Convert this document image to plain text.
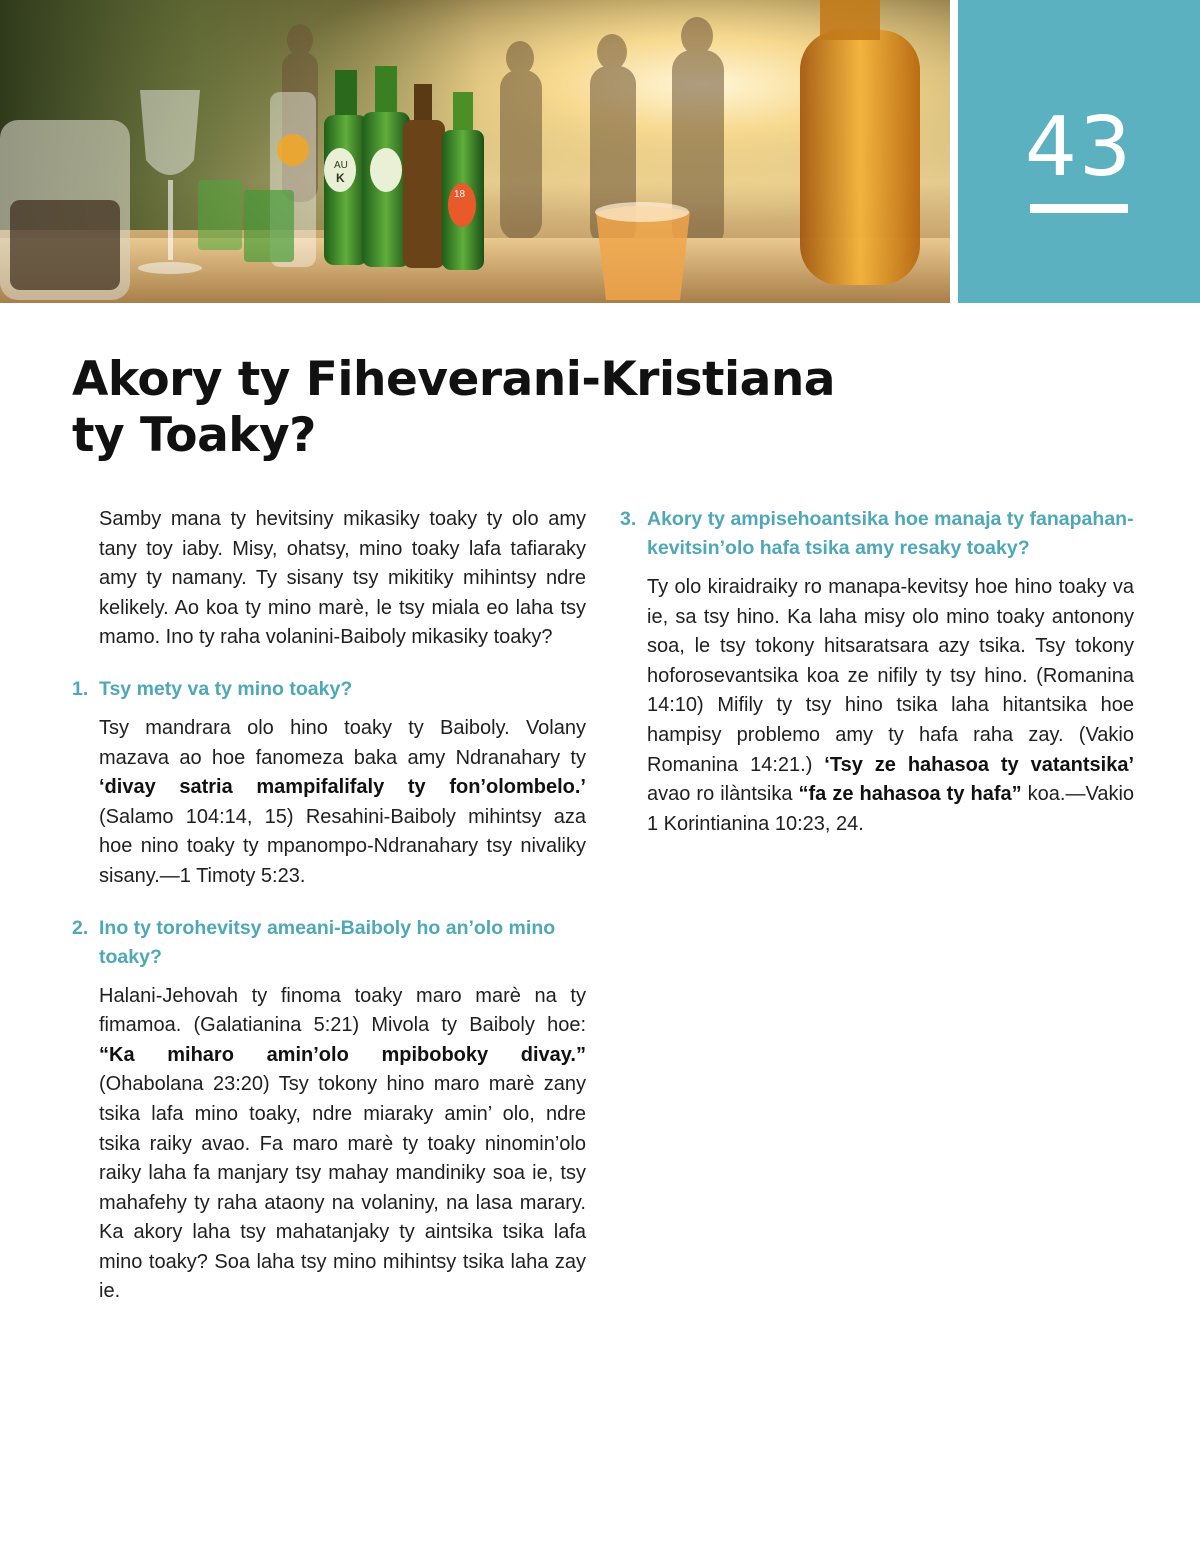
AU
K
18	43
Akory ty Fiheverani-Kristiana
ty Toaky?

Samby mana ty hevitsiny mikasiky toaky ty olo amy tany toy iaby. Misy, ohatsy, mino toaky lafa tafiaraky amy ty namany. Ty sisany tsy mikitiky mihintsy ndre kelikely. Ao koa ty mino marè, le tsy miala eo laha tsy mamo. Ino ty raha volanini-Baiboly mikasiky toaky?

1. Tsy mety va ty mino toaky?

Tsy mandrara olo hino toaky ty Baiboly. Volany mazava ao hoe fanomeza baka amy Ndranahary ty ‘divay satria mampifalifaly ty fon’olombelo.’ (Salamo 104:14, 15) Resahini-Baiboly mihintsy aza hoe nino toaky ty mpanompo-Ndranahary tsy nivaliky sisany.—1 Timoty 5:23.

2. Ino ty torohevitsy ameani-Baiboly ho an’olo mino toaky?

Halani-Jehovah ty finoma toaky maro marè na ty fimamoa. (Galatianina 5:21) Mivola ty Baiboly hoe: “Ka miharo amin’olo mpiboboky divay.” (Ohabolana 23:20) Tsy tokony hino maro marè zany tsika lafa mino toaky, ndre miaraky amin’ olo, ndre tsika raiky avao. Fa maro marè ty toaky ninomin’olo raiky laha fa manjary tsy mahay mandiniky soa ie, tsy mahafehy ty raha ataony na volaniny, na lasa marary. Ka akory laha tsy mahatanjaky ty aintsika tsika lafa mino toaky? Soa laha tsy mino mihintsy tsika laha zay ie.

3. Akory ty ampisehoantsika hoe manaja ty fanapahan-kevitsin’olo hafa tsika amy resaky toaky?

Ty olo kiraidraiky ro manapa-kevitsy hoe hino toaky va ie, sa tsy hino. Ka laha misy olo mino toaky antonony soa, le tsy tokony hitsaratsara azy tsika. Tsy tokony hoforosevantsika koa ze nifily ty tsy hino. (Romanina 14:10) Mifily ty tsy hino tsika laha hitantsika hoe hampisy problemo amy ty hafa raha zay. (Vakio Romanina 14:21.) ‘Tsy ze hahasoa ty vatantsika’ avao ro ilàntsika “fa ze hahasoa ty hafa” koa.—Vakio 1 Korintianina 10:23, 24.
